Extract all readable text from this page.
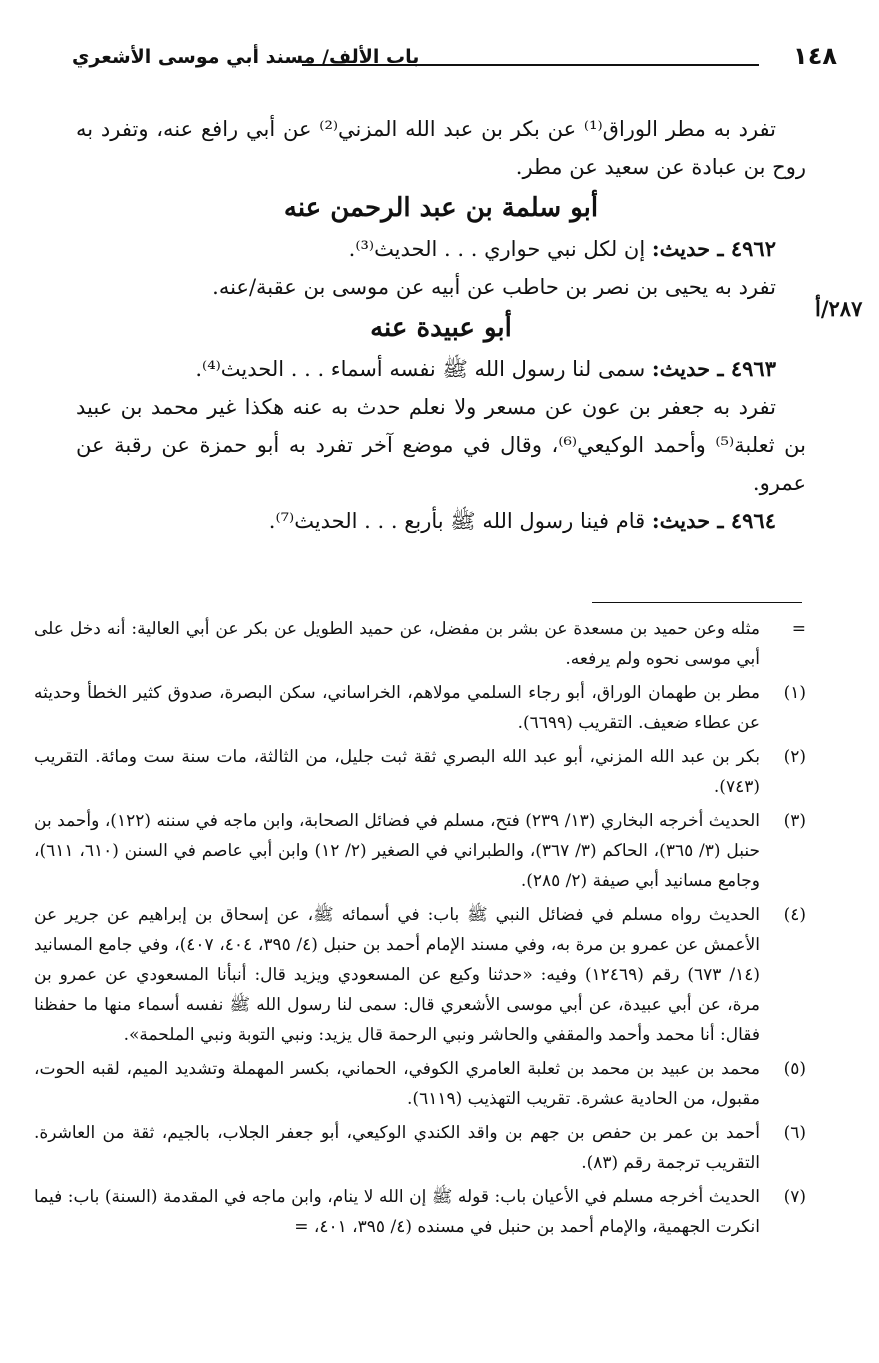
١٤٨
باب الألف/ مسند أبي موسى الأشعري
٢٨٧/أ

تفرد به مطر الوراق⁽¹⁾ عن بكر بن عبد الله المزني⁽²⁾ عن أبي رافع عنه، وتفرد به روح بن عبادة عن سعيد عن مطر.

أبو سلمة بن عبد الرحمن عنه

٤٩٦٢ ـ حديث: إن لكل نبي حواري . . . الحديث⁽³⁾.

تفرد به يحيى بن نصر بن حاطب عن أبيه عن موسى بن عقبة/عنه.

أبو عبيدة عنه

٤٩٦٣ ـ حديث: سمى لنا رسول الله ﷺ نفسه أسماء . . . الحديث⁽⁴⁾.

تفرد به جعفر بن عون عن مسعر ولا نعلم حدث به عنه هكذا غير محمد بن عبيد بن ثعلبة⁽⁵⁾ وأحمد الوكيعي⁽⁶⁾، وقال في موضع آخر تفرد به أبو حمزة عن رقبة عن عمرو.

٤٩٦٤ ـ حديث: قام فينا رسول الله ﷺ بأربع . . . الحديث⁽⁷⁾.

=
مثله وعن حميد بن مسعدة عن بشر بن مفضل، عن حميد الطويل عن بكر عن أبي العالية: أنه دخل على أبي موسى نحوه ولم يرفعه.
(١)
مطر بن طهمان الوراق، أبو رجاء السلمي مولاهم، الخراساني، سكن البصرة، صدوق كثير الخطأ وحديثه عن عطاء ضعيف. التقريب (٦٦٩٩).
(٢)
بكر بن عبد الله المزني، أبو عبد الله البصري ثقة ثبت جليل، من الثالثة، مات سنة ست ومائة. التقريب (٧٤٣).
(٣)
الحديث أخرجه البخاري (١٣/ ٢٣٩) فتح، مسلم في فضائل الصحابة، وابن ماجه في سننه (١٢٢)، وأحمد بن حنبل (٣/ ٣٦٥)، الحاكم (٣/ ٣٦٧)، والطبراني في الصغير (٢/ ١٢) وابن أبي عاصم في السنن (٦١٠، ٦١١)، وجامع مسانيد أبي صيفة (٢/ ٢٨٥).
(٤)
الحديث رواه مسلم في فضائل النبي ﷺ باب: في أسمائه ﷺ، عن إسحاق بن إبراهيم عن جرير عن الأعمش عن عمرو بن مرة به، وفي مسند الإمام أحمد بن حنبل (٤/ ٣٩٥، ٤٠٤، ٤٠٧)، وفي جامع المسانيد (١٤/ ٦٧٣) رقم (١٢٤٦٩) وفيه: «حدثنا وكيع عن المسعودي ويزيد قال: أنبأنا المسعودي عن عمرو بن مرة، عن أبي عبيدة، عن أبي موسى الأشعري قال: سمى لنا رسول الله ﷺ نفسه أسماء منها ما حفظنا فقال: أنا محمد وأحمد والمقفي والحاشر ونبي الرحمة قال يزيد: ونبي التوبة ونبي الملحمة».
(٥)
محمد بن عبيد بن محمد بن ثعلبة العامري الكوفي، الحماني، بكسر المهملة وتشديد الميم، لقبه الحوت، مقبول، من الحادية عشرة. تقريب التهذيب (٦١١٩).
(٦)
أحمد بن عمر بن حفص بن جهم بن واقد الكندي الوكيعي، أبو جعفر الجلاب، بالجيم، ثقة من العاشرة. التقريب ترجمة رقم (٨٣).
(٧)
الحديث أخرجه مسلم في الأعيان باب: قوله ﷺ إن الله لا ينام، وابن ماجه في المقدمة (السنة) باب: فيما انكرت الجهمية، والإمام أحمد بن حنبل في مسنده (٤/ ٣٩٥، ٤٠١، =
